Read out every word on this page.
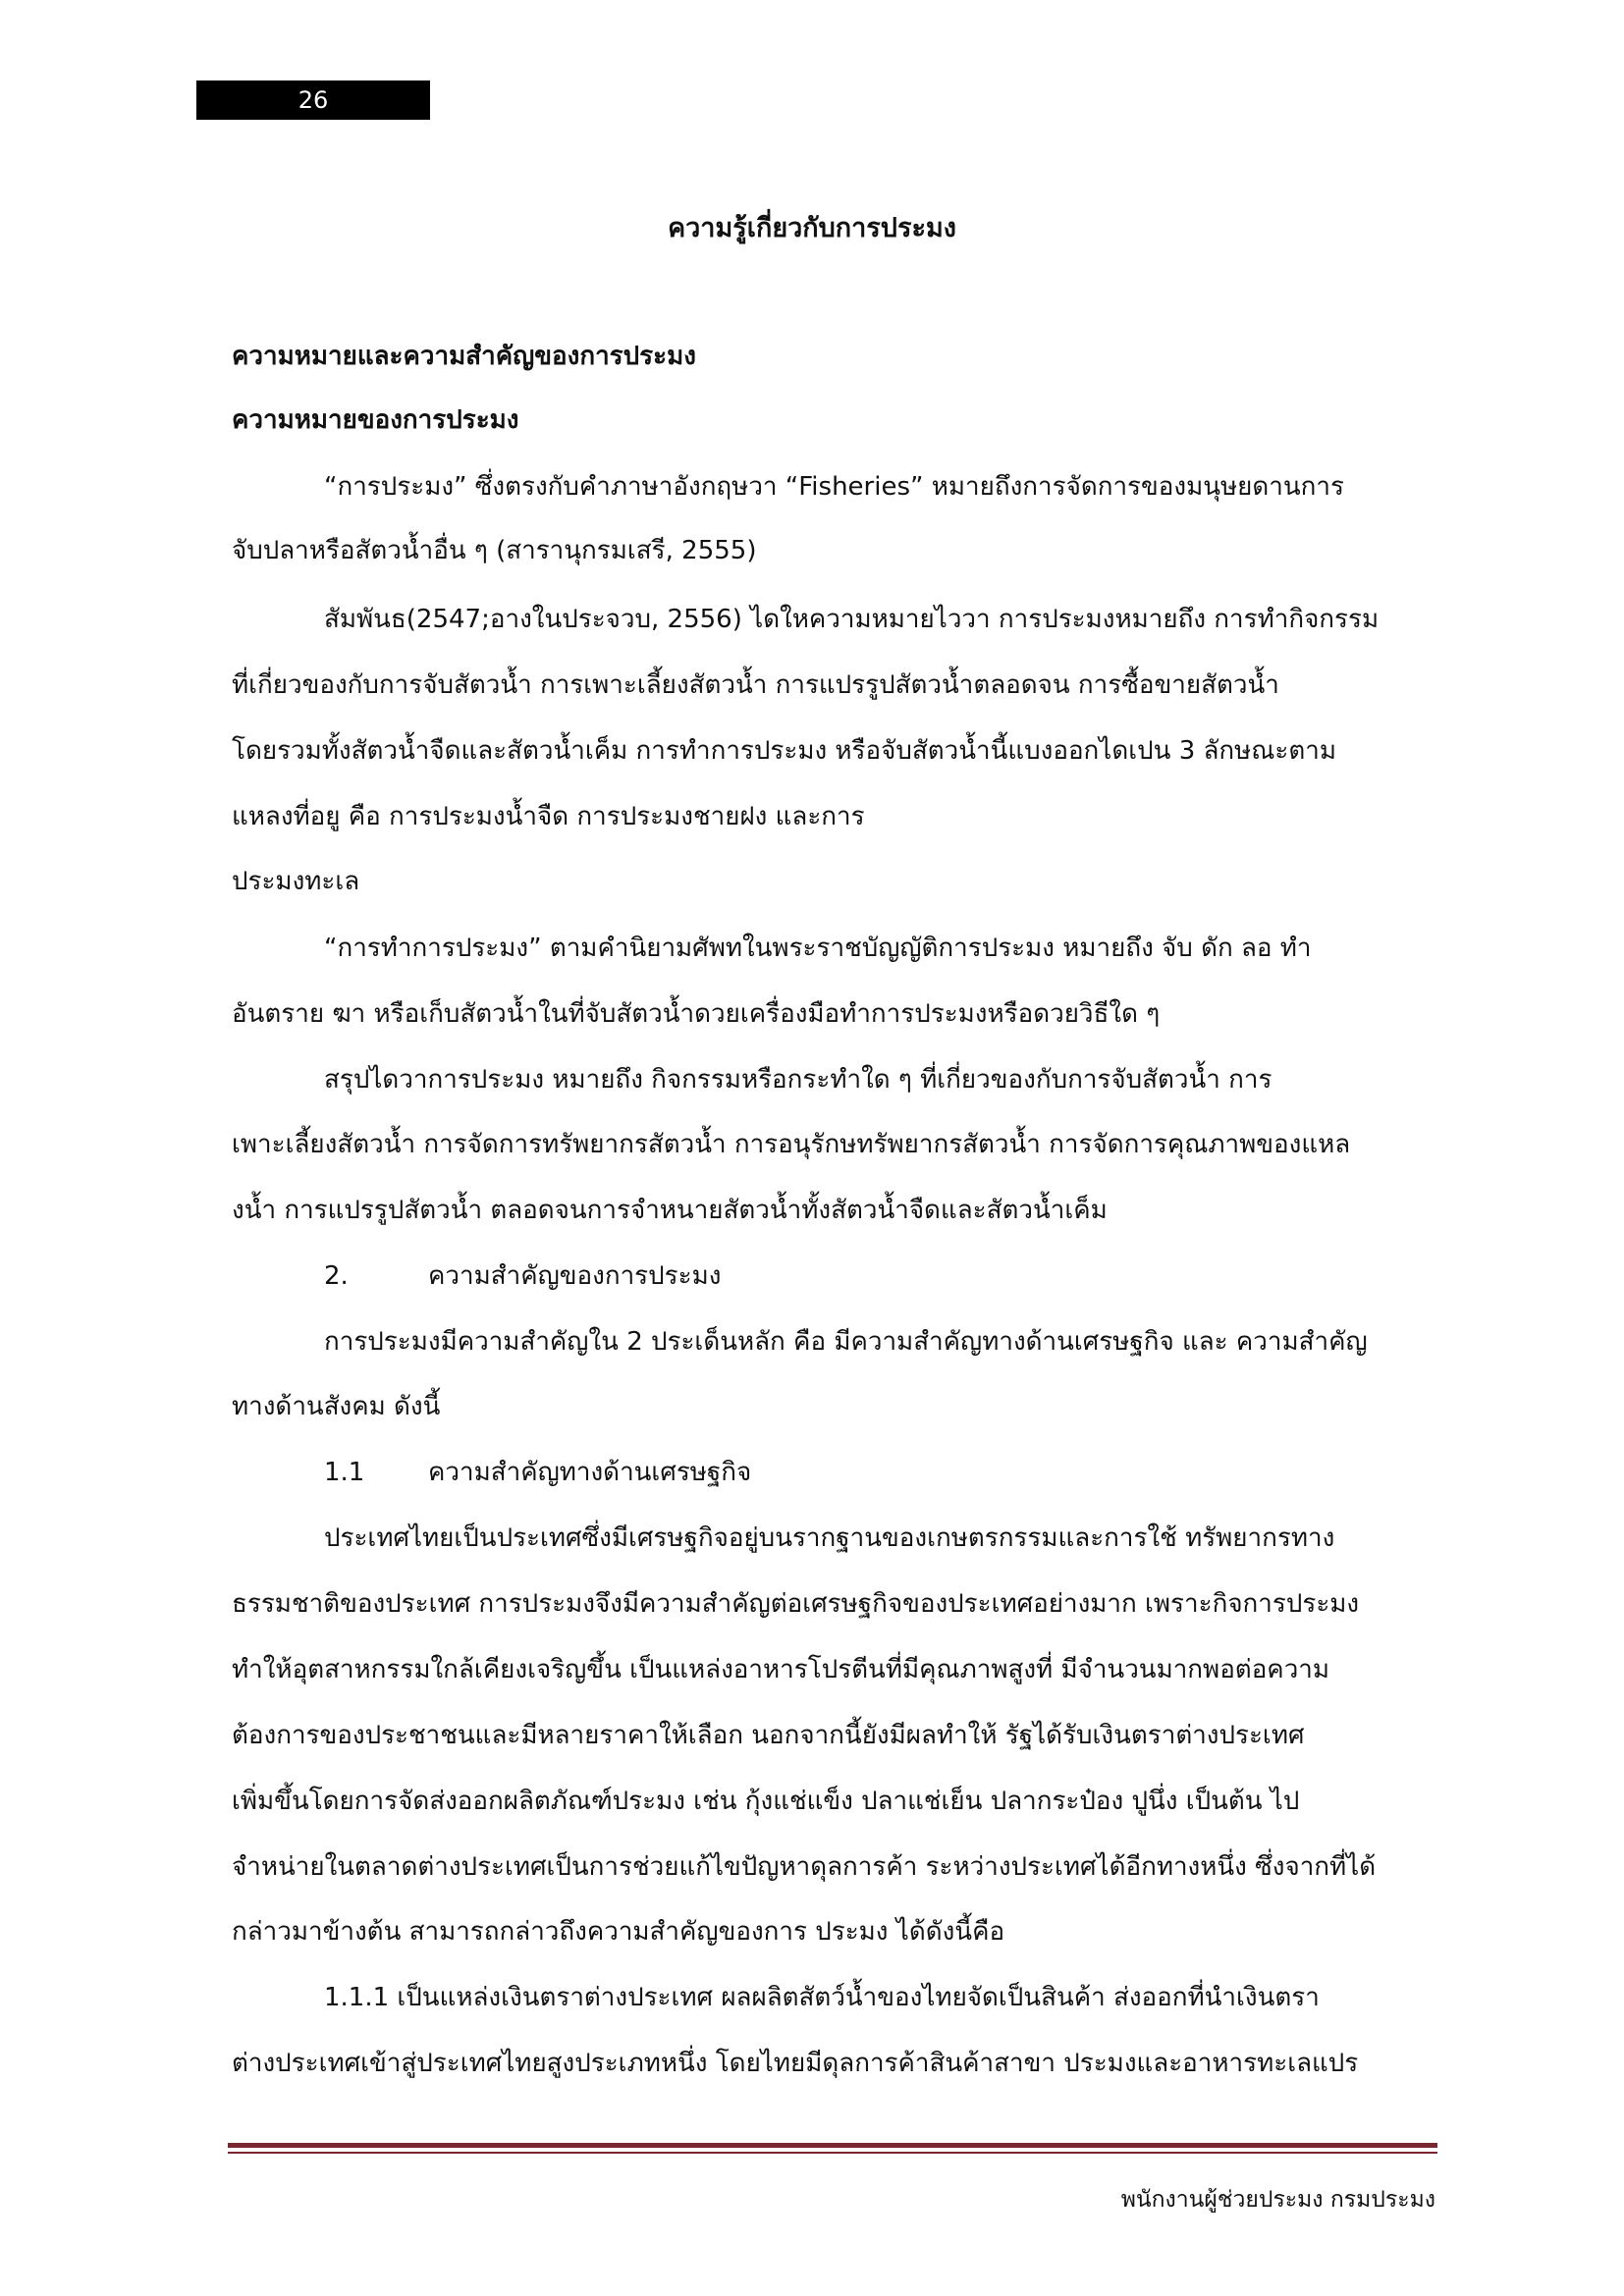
26
ความรู้เกี่ยวกับการประมง

ความหมายและความสำคัญของการประมง

ความหมายของการประมง

“การประมง” ซึ่งตรงกับคำภาษาอังกฤษวา “Fisheries” หมายถึงการจัดการของมนุษยดานการ

จับปลาหรือสัตวน้ำอื่น ๆ (สารานุกรมเสรี, 2555)

สัมพันธ(2547;อางในประจวบ, 2556) ไดใหความหมายไววา การประมงหมายถึง การทำกิจกรรม

ที่เกี่ยวของกับการจับสัตวน้ำ การเพาะเลี้ยงสัตวน้ำ การแปรรูปสัตวน้ำตลอดจน การซื้อขายสัตวน้ำ

โดยรวมทั้งสัตวน้ำจืดและสัตวน้ำเค็ม การทำการประมง หรือจับสัตวน้ำนี้แบงออกไดเปน 3 ลักษณะตาม

แหลงที่อยู คือ การประมงน้ำจืด การประมงชายฝง และการ

ประมงทะเล

“การทำการประมง” ตามคำนิยามศัพทในพระราชบัญญัติการประมง หมายถึง จับ ดัก ลอ ทำ

อันตราย ฆา หรือเก็บสัตวน้ำในที่จับสัตวน้ำดวยเครื่องมือทำการประมงหรือดวยวิธีใด ๆ

สรุปไดวาการประมง หมายถึง กิจกรรมหรือกระทำใด ๆ ที่เกี่ยวของกับการจับสัตวน้ำ การ

เพาะเลี้ยงสัตวน้ำ การจัดการทรัพยากรสัตวน้ำ การอนุรักษทรัพยากรสัตวน้ำ การจัดการคุณภาพของแหล

งน้ำ การแปรรูปสัตวน้ำ ตลอดจนการจำหนายสัตวน้ำทั้งสัตวน้ำจืดและสัตวน้ำเค็ม

2.	ความสำคัญของการประมง

การประมงมีความสำคัญใน 2 ประเด็นหลัก คือ มีความสำคัญทางด้านเศรษฐกิจ และ ความสำคัญ

ทางด้านสังคม ดังนี้

1.1 ความสำคัญทางด้านเศรษฐกิจ

ประเทศไทยเป็นประเทศซึ่งมีเศรษฐกิจอยู่บนรากฐานของเกษตรกรรมและการใช้ ทรัพยากรทาง

ธรรมชาติของประเทศ การประมงจึงมีความสำคัญต่อเศรษฐกิจของประเทศอย่างมาก เพราะกิจการประมง

ทำให้อุตสาหกรรมใกล้เคียงเจริญขึ้น เป็นแหล่งอาหารโปรตีนที่มีคุณภาพสูงที่ มีจำนวนมากพอต่อความ

ต้องการของประชาชนและมีหลายราคาให้เลือก นอกจากนี้ยังมีผลทำให้ รัฐได้รับเงินตราต่างประเทศ

เพิ่มขึ้นโดยการจัดส่งออกผลิตภัณฑ์ประมง เช่น กุ้งแช่แข็ง ปลาแช่เย็น ปลากระป๋อง ปูนึ่ง เป็นต้น ไป

จำหน่ายในตลาดต่างประเทศเป็นการช่วยแก้ไขปัญหาดุลการค้า ระหว่างประเทศได้อีกทางหนึ่ง ซึ่งจากที่ได้

กล่าวมาข้างต้น สามารถกล่าวถึงความสำคัญของการ ประมง ได้ดังนี้คือ

1.1.1 เป็นแหล่งเงินตราต่างประเทศ ผลผลิตสัตว์น้ำของไทยจัดเป็นสินค้า ส่งออกที่นำเงินตรา

ต่างประเทศเข้าสู่ประเทศไทยสูงประเภทหนึ่ง โดยไทยมีดุลการค้าสินค้าสาขา ประมงและอาหารทะเลแปร

พนักงานผู้ช่วยประมง กรมประมง
